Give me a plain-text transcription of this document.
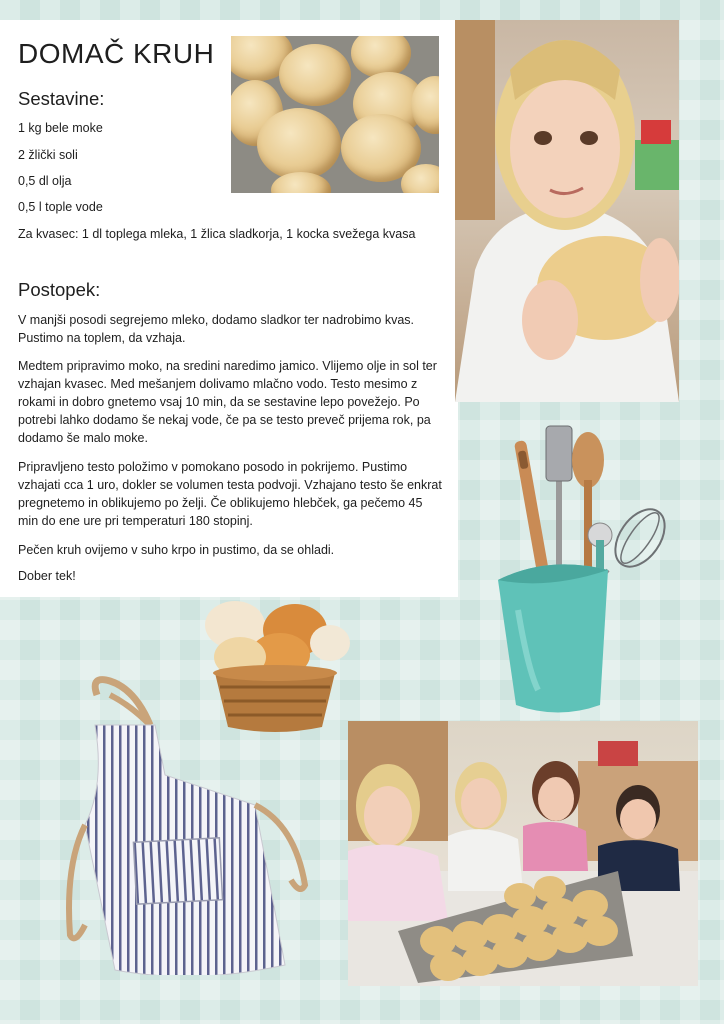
DOMAČ KRUH
Sestavine:
1 kg bele moke
2 žlički soli
0,5 dl olja
0,5 l tople vode
Za kvasec: 1 dl toplega mleka, 1 žlica sladkorja, 1 kocka svežega kvasa
Postopek:

V manjši posodi segrejemo mleko, dodamo sladkor ter nadrobimo kvas. Pustimo na toplem, da vzhaja.

Medtem pripravimo moko, na sredini naredimo jamico. Vlijemo olje in sol ter vzhajan kvasec. Med mešanjem dolivamo mlačno vodo. Testo mesimo z rokami in dobro gnetemo vsaj 10 min, da se sestavine lepo povežejo. Po potrebi lahko dodamo še nekaj vode, če pa se testo preveč prijema rok, pa dodamo še malo moke.

Pripravljeno testo položimo v pomokano posodo in pokrijemo. Pustimo vzhajati cca 1 uro, dokler se volumen testa podvoji. Vzhajano testo še enkrat pregnetemo in oblikujemo po želji. Če oblikujemo hlebček, ga pečemo 45 min do ene ure pri temperaturi 180 stopinj.

Pečen kruh ovijemo v suho krpo in pustimo, da se ohladi.

Dober tek!
